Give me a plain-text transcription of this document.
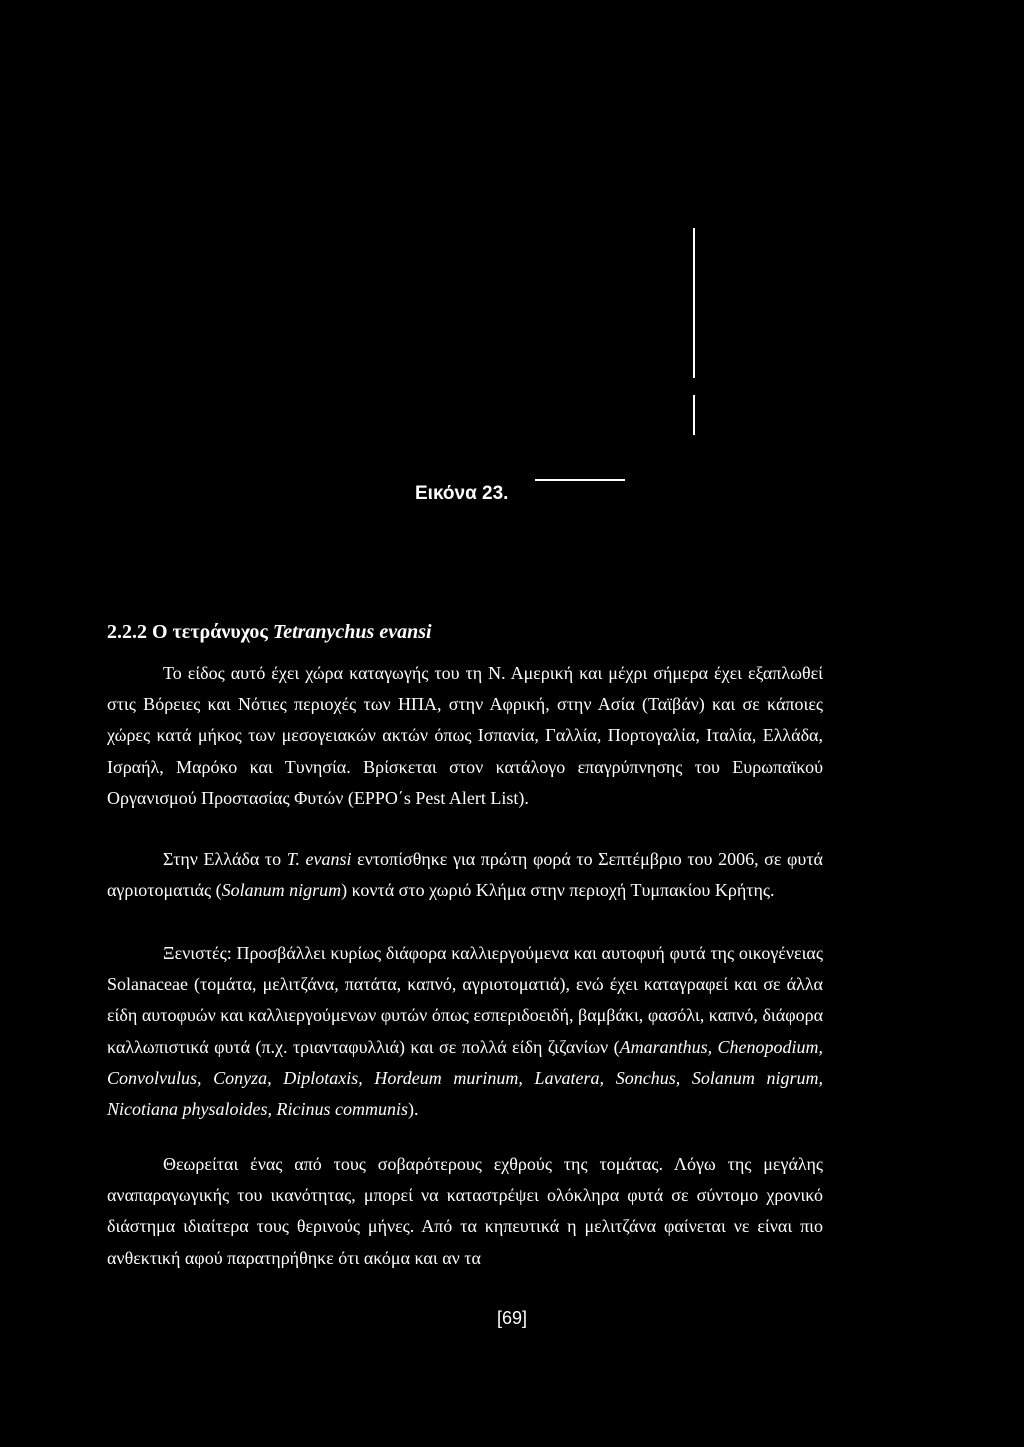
Εικόνα 23.
2.2.2 Ο τετράνυχος Tetranychus evansi

Το είδος αυτό έχει χώρα καταγωγής του τη Ν. Αμερική και μέχρι σήμερα έχει εξαπλωθεί στις Βόρειες και Νότιες περιοχές των ΗΠΑ, στην Αφρική, στην Ασία (Ταϊβάν) και σε κάποιες χώρες κατά μήκος των μεσογειακών ακτών όπως Ισπανία, Γαλλία, Πορτογαλία, Ιταλία, Ελλάδα, Ισραήλ, Μαρόκο και Τυνησία. Βρίσκεται στον κατάλογο επαγρύπνησης του Ευρωπαϊκού Οργανισμού Προστασίας Φυτών (EPPO΄s Pest Alert List).

Στην Ελλάδα το T. evansi εντοπίσθηκε για πρώτη φορά το Σεπτέμβριο του 2006, σε φυτά αγριοτοματιάς (Solanum nigrum) κοντά στο χωριό Κλήμα στην περιοχή Τυμπακίου Κρήτης.

Ξενιστές: Προσβάλλει κυρίως διάφορα καλλιεργούμενα και αυτοφυή φυτά της οικογένειας Solanaceae (τομάτα, μελιτζάνα, πατάτα, καπνό, αγριοτοματιά), ενώ έχει καταγραφεί και σε άλλα είδη αυτοφυών και καλλιεργούμενων φυτών όπως εσπεριδοειδή, βαμβάκι, φασόλι, καπνό, διάφορα καλλωπιστικά φυτά (π.χ. τριανταφυλλιά) και σε πολλά είδη ζιζανίων (Amaranthus, Chenopodium, Convolvulus, Conyza, Diplotaxis, Hordeum murinum, Lavatera, Sonchus, Solanum nigrum, Nicotiana physaloides, Ricinus communis).

Θεωρείται ένας από τους σοβαρότερους εχθρούς της τομάτας. Λόγω της μεγάλης αναπαραγωγικής του ικανότητας, μπορεί να καταστρέψει ολόκληρα φυτά σε σύντομο χρονικό διάστημα ιδιαίτερα τους θερινούς μήνες. Από τα κηπευτικά η μελιτζάνα φαίνεται νε είναι πιο ανθεκτική αφού παρατηρήθηκε ότι ακόμα και αν τα

[69]
